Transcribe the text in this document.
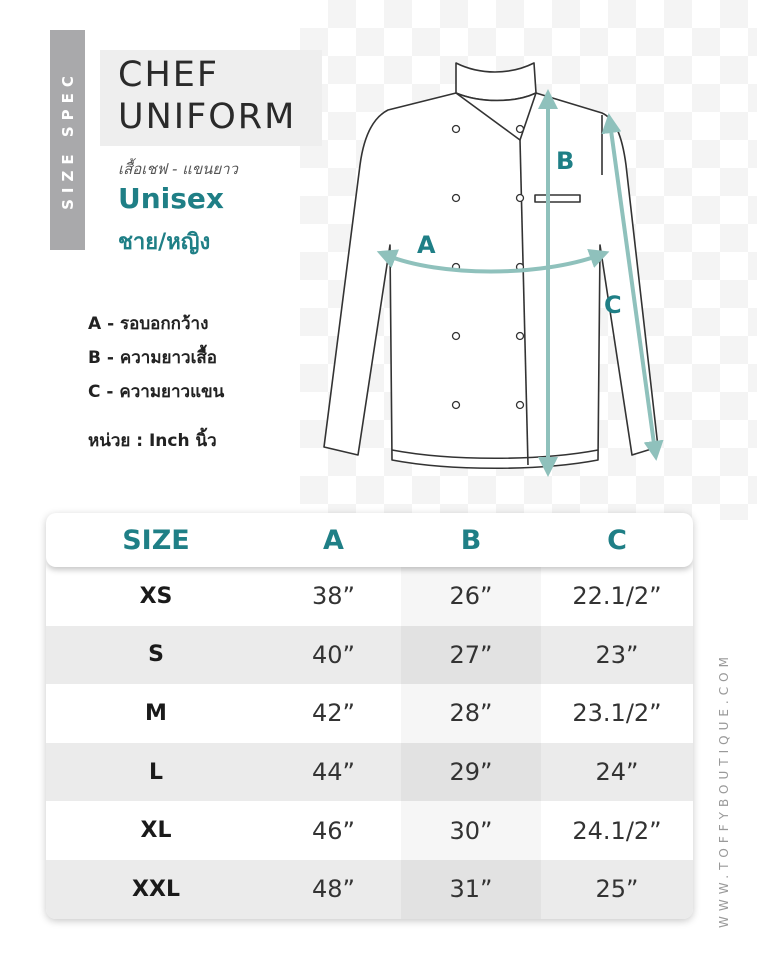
SIZE SPEC CHEF
UNIFORM
เสื้อเชฟ - แขนยาว
Unisex
ชาย/หญิง
A - รอบอกกว้าง
B - ความยาวเสื้อ
C - ความยาวแขน
หน่วย : Inch นิ้ว
A
B
C
SIZE	A	B	C
XS	38”	26”	22.1/2”
S	40”	27”	23”
M	42”	28”	23.1/2”
L	44”	29”	24”
XL	46”	30”	24.1/2”
XXL	48”	31”	25”	WWW.TOFFYBOUTIQUE.COM
